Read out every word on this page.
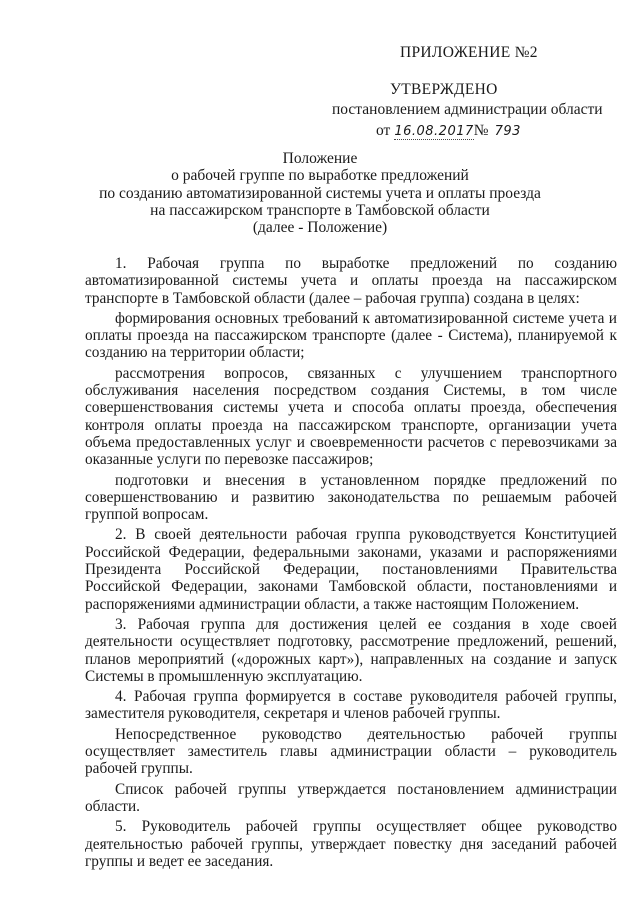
ПРИЛОЖЕНИЕ №2
УТВЕРЖДЕНО
постановлением администрации области
от 16.08.2017№ 793
Положение
о рабочей группе по выработке предложений
по созданию автоматизированной системы учета и оплаты проезда
на пассажирском транспорте в Тамбовской области
(далее - Положение)

1. Рабочая группа по выработке предложений по созданию автоматизированной системы учета и оплаты проезда на пассажирском транспорте в Тамбовской области (далее – рабочая группа) создана в целях:

формирования основных требований к автоматизированной системе учета и оплаты проезда на пассажирском транспорте (далее - Система), планируемой к созданию на территории области;

рассмотрения вопросов, связанных с улучшением транспортного обслуживания населения посредством создания Системы, в том числе совершенствования системы учета и способа оплаты проезда, обеспечения контроля оплаты проезда на пассажирском транспорте, организации учета объема предоставленных услуг и своевременности расчетов с перевозчиками за оказанные услуги по перевозке пассажиров;

подготовки и внесения в установленном порядке предложений по совершенствованию и развитию законодательства по решаемым рабочей группой вопросам.

2. В своей деятельности рабочая группа руководствуется Конституцией Российской Федерации, федеральными законами, указами и распоряжениями Президента Российской Федерации, постановлениями Правительства Российской Федерации, законами Тамбовской области, постановлениями и распоряжениями администрации области, а также настоящим Положением.

3. Рабочая группа для достижения целей ее создания в ходе своей деятельности осуществляет подготовку, рассмотрение предложений, решений, планов мероприятий («дорожных карт»), направленных на создание и запуск Системы в промышленную эксплуатацию.

4. Рабочая группа формируется в составе руководителя рабочей группы, заместителя руководителя, секретаря и членов рабочей группы.

Непосредственное руководство деятельностью рабочей группы осуществляет заместитель главы администрации области – руководитель рабочей группы.

Список рабочей группы утверждается постановлением администрации области.

5. Руководитель рабочей группы осуществляет общее руководство деятельностью рабочей группы, утверждает повестку дня заседаний рабочей группы и ведет ее заседания.
